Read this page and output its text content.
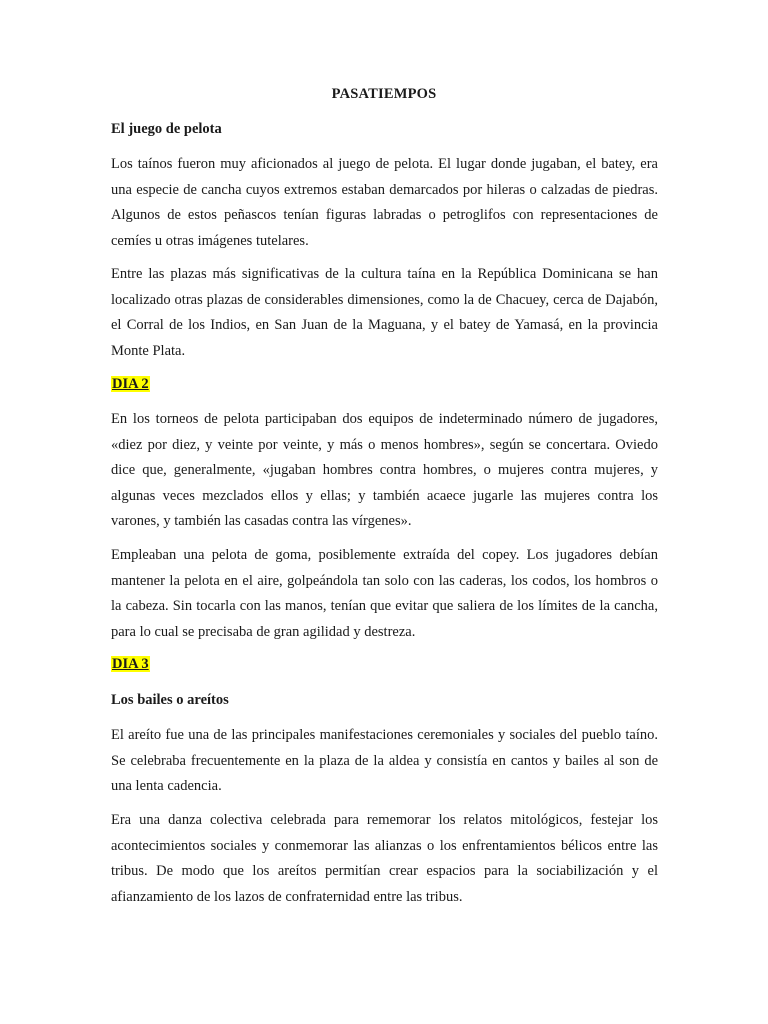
PASATIEMPOS
El juego de pelota

Los taínos fueron muy aficionados al juego de pelota. El lugar donde jugaban, el batey, era una especie de cancha cuyos extremos estaban demarcados por hileras o calzadas de piedras. Algunos de estos peñascos tenían figuras labradas o petroglifos con representaciones de cemíes u otras imágenes tutelares.

Entre las plazas más significativas de la cultura taína en la República Dominicana se han localizado otras plazas de considerables dimensiones, como la de Chacuey, cerca de Dajabón, el Corral de los Indios, en San Juan de la Maguana, y el batey de Yamasá, en la provincia Monte Plata.

DIA 2

En los torneos de pelota participaban dos equipos de indeterminado número de jugadores, «diez por diez, y veinte por veinte, y más o menos hombres», según se concertara. Oviedo dice que, generalmente, «jugaban hombres contra hombres, o mujeres contra mujeres, y algunas veces mezclados ellos y ellas; y también acaece jugarle las mujeres contra los varones, y también las casadas contra las vírgenes».

Empleaban una pelota de goma, posiblemente extraída del copey. Los jugadores debían mantener la pelota en el aire, golpeándola tan solo con las caderas, los codos, los hombros o la cabeza. Sin tocarla con las manos, tenían que evitar que saliera de los límites de la cancha, para lo cual se precisaba de gran agilidad y destreza.

DIA 3
Los bailes o areítos

El areíto fue una de las principales manifestaciones ceremoniales y sociales del pueblo taíno. Se celebraba frecuentemente en la plaza de la aldea y consistía en cantos y bailes al son de una lenta cadencia.

Era una danza colectiva celebrada para rememorar los relatos mitológicos, festejar los acontecimientos sociales y conmemorar las alianzas o los enfrentamientos bélicos entre las tribus. De modo que los areítos permitían crear espacios para la sociabilización y el afianzamiento de los lazos de confraternidad entre las tribus.
